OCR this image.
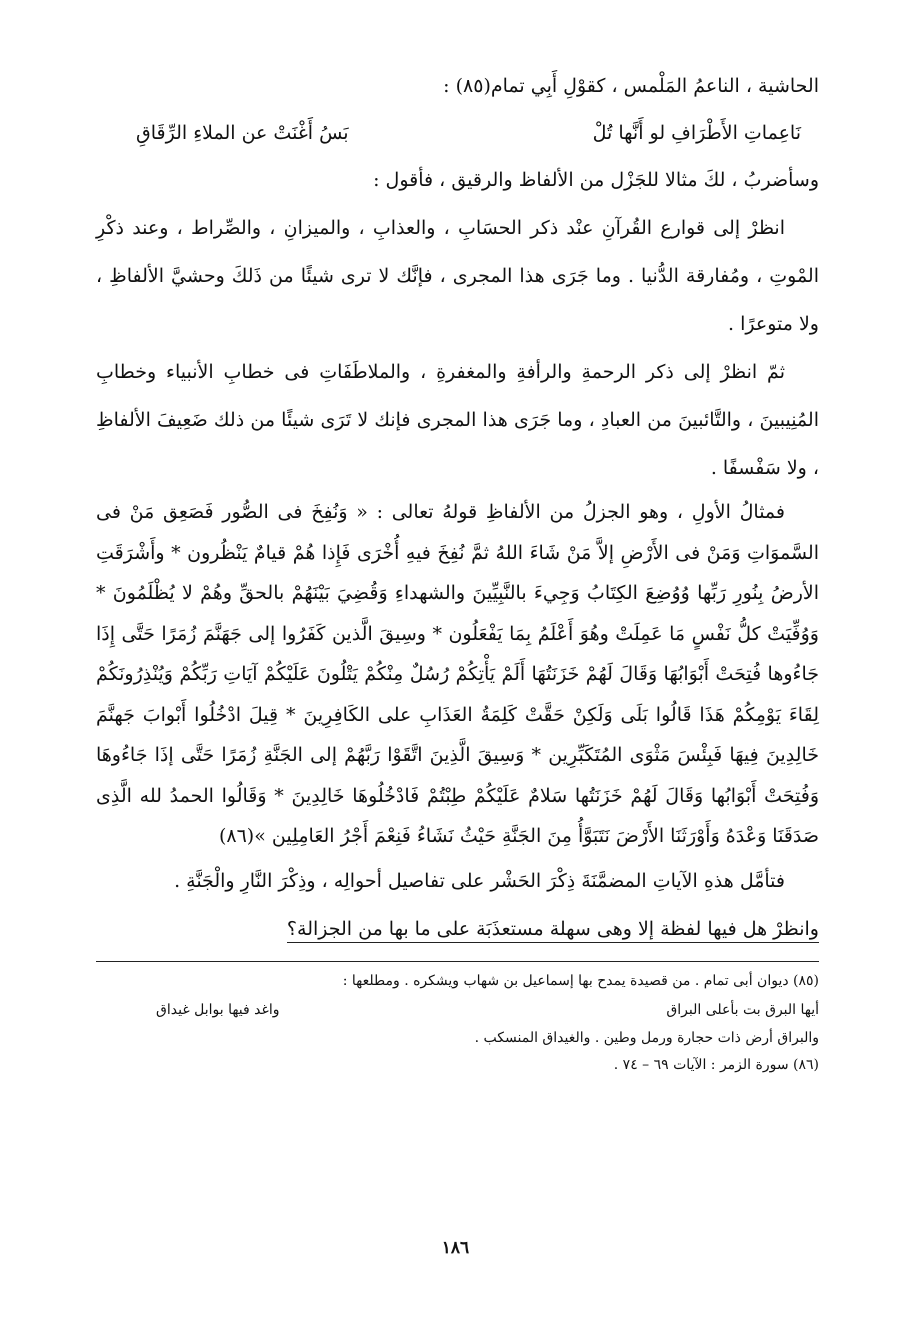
الحاشية ، الناعمُ المَلْمس ، كقوْلِ أَبِي تمام(٨٥) :

نَاعِماتِ الأَطْرَافِ لو أَنَّها تُلْ
بَسُ أَغْنَتْ عن الملاءِ الرِّقَاقِ

وسأضربُ ، لكَ مثالا للجَزْل من الألفاظ والرقيق ، فأقول :

انظرْ إلى قوارع القُرآنِ عنْد ذكر الحسَابِ ، والعذابِ ، والميزانِ ، والصِّراط ، وعند ذكْرِ المْوتِ ، ومُفارقة الدُّنيا . وما جَرَى هذا المجرى ، فإنَّك لا ترى شيئًا من ذَلكَ وحشيَّ الألفاظِ ، ولا متوعرًا .

ثمّ انظرْ إلى ذكر الرحمةِ والرأفةِ والمغفرةِ ، والملاطَفَاتِ فى خطابِ الأنبياء وخطابِ المُنِيبينَ ، والتَّائبينَ من العبادِ ، وما جَرَى هذا المجرى فإنك لا تَرَى شيئًا من ذلك ضَعِيفَ الألفاظِ ، ولا سَفْسفًا .

فمثالُ الأولِ ، وهو الجزلُ من الألفاظِ قولهُ تعالى : « وَنُفِخَ فى الصُّور فَصَعِق مَنْ فى السَّموَاتِ وَمَنْ فى الأَرْضِ إلاَّ مَنْ شَاءَ اللهُ ثمَّ نُفِخَ فيهِ أُخْرَى فَإِذا هُمْ قيامٌ يَنْظُرون * وأَشْرَقَتِ الأرضُ بِنُورِ رَبِّها وُوُضِعَ الكِتَابُ وَجِيءَ بالنَّبِيِّينَ والشهداءِ وَقُضِيَ بَيْنَهُمْ بالحقِّ وهُمْ لا يُظْلَمُونَ * وَوُفِّيَتْ كلُّ نَفْسٍ مَا عَمِلَتْ وهُوَ أَعْلَمُ بِمَا يَفْعَلُون * وسِيقَ الَّذين كَفَرُوا إلى جَهَنَّمَ زُمَرًا حَتَّى إِذَا جَاءُوها فُتِحَتْ أَبْوَابُهَا وَقَالَ لَهُمْ خَزَنَتُهَا أَلَمْ يَأْتِكُمْ رُسُلٌ مِنْكُمْ يَتْلُونَ عَلَيْكُمْ آيَاتِ رَبِّكُمْ وَيُنْذِرُونَكُمْ لِقَاءَ يَوْمِكُمْ هَذَا قَالُوا بَلَى وَلَكِنْ حَقَّتْ كَلِمَةُ العَذَابِ على الكَافِرِينَ * قِيلَ ادْخُلُوا أَبْوابَ جَهنَّمَ خَالِدِينَ فِيهَا فَبِئْسَ مَثْوَى المُتَكَبِّرِين * وَسِيقَ الَّذِينَ اتَّقَوْا رَبَّهُمْ إلى الجَنَّةِ زُمَرًا حَتَّى إذَا جَاءُوهَا وَفُتِحَتْ أَبْوَابُها وَقَالَ لَهُمْ خَزَنَتُها سَلامٌ عَلَيْكُمْ طِبْتُمْ فَادْخُلُوهَا خَالِدِينَ * وَقَالُوا الحمدُ لله الَّذِى صَدَقَنَا وَعْدَهُ وَأَوْرَثَنَا الأَرْضَ نَتَبَوَّأُ مِنَ الجَنَّةِ حَيْثُ نَشَاءُ فَنِعْمَ أَجْرُ العَامِلِين »(٨٦)

فتأمَّل هذهِ الآياتِ المضمَّنَةَ ذِكْرَ الحَشْر على تفاصيل أحوالِه ، وذِكْرَ النَّارِ والْجَنَّةِ .

وانظرْ هل فيها لفظة إلا وهى سهلة مستعذَبَة على ما بها من الجزالة؟

(٨٥) ديوان أبى تمام . من قصيدة يمدح بها إسماعيل بن شهاب ويشكره . ومطلعها :

أيها البرق بت بأعلى البراق
واغد فيها بوابل غيداق

والبراق أرض ذات حجارة ورمل وطين . والغيداق المنسكب .

(٨٦) سورة الزمر : الآيات ٦٩ – ٧٤ .

١٨٦
